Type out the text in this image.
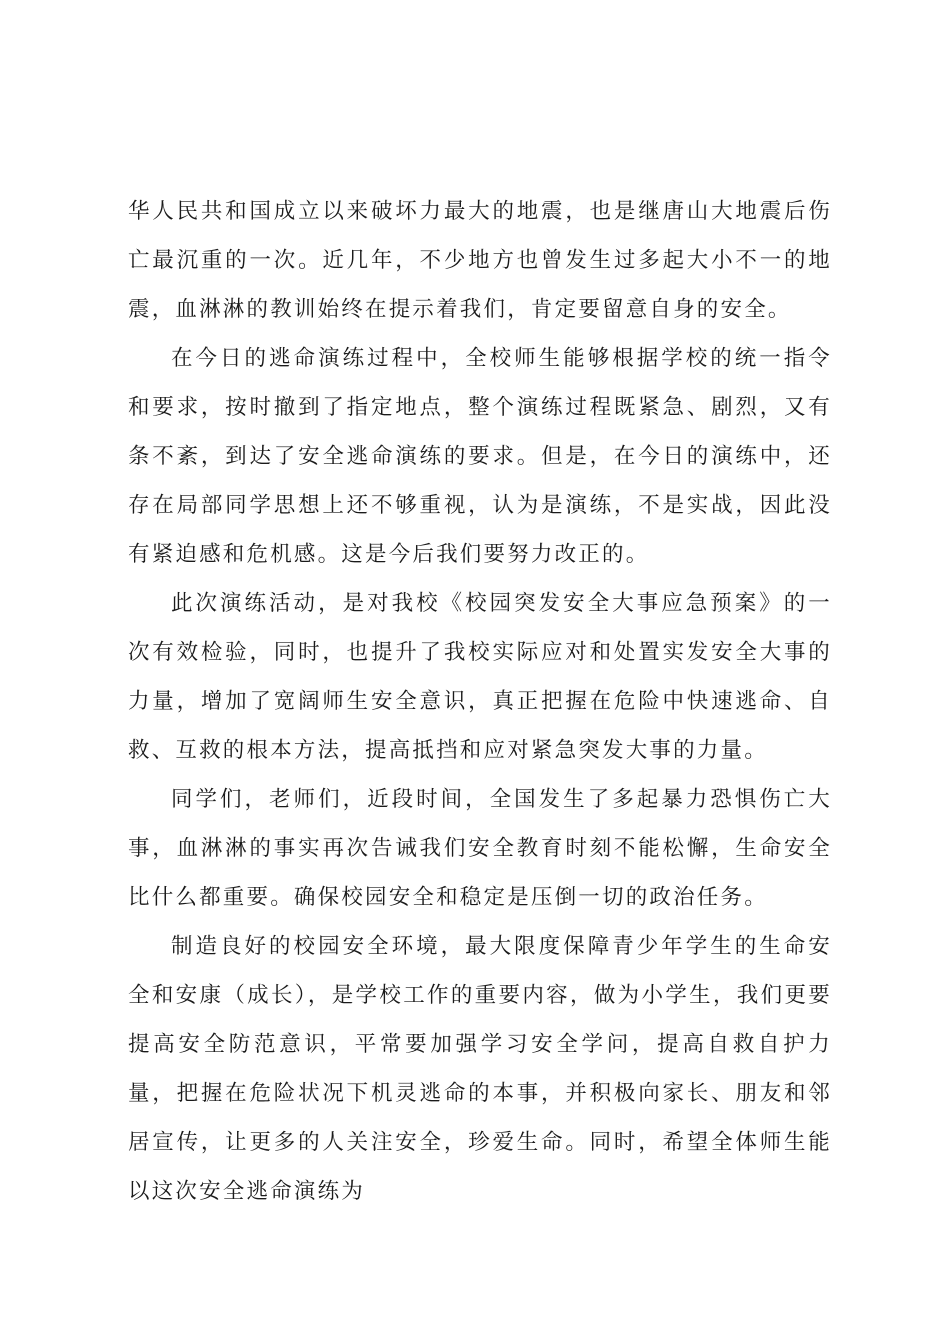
华人民共和国成立以来破坏力最大的地震，也是继唐山大地震后伤亡最沉重的一次。近几年，不少地方也曾发生过多起大小不一的地震，血淋淋的教训始终在提示着我们，肯定要留意自身的安全。

在今日的逃命演练过程中，全校师生能够根据学校的统一指令和要求，按时撤到了指定地点，整个演练过程既紧急、剧烈，又有条不紊，到达了安全逃命演练的要求。但是，在今日的演练中，还存在局部同学思想上还不够重视，认为是演练，不是实战，因此没有紧迫感和危机感。这是今后我们要努力改正的。

此次演练活动，是对我校《校园突发安全大事应急预案》的一次有效检验，同时，也提升了我校实际应对和处置实发安全大事的力量，增加了宽阔师生安全意识，真正把握在危险中快速逃命、自救、互救的根本方法，提高抵挡和应对紧急突发大事的力量。

同学们，老师们，近段时间，全国发生了多起暴力恐惧伤亡大事，血淋淋的事实再次告诫我们安全教育时刻不能松懈，生命安全比什么都重要。确保校园安全和稳定是压倒一切的政治任务。

制造良好的校园安全环境，最大限度保障青少年学生的生命安全和安康（成长），是学校工作的重要内容，做为小学生，我们更要提高安全防范意识，平常要加强学习安全学问，提高自救自护力量，把握在危险状况下机灵逃命的本事，并积极向家长、朋友和邻居宣传，让更多的人关注安全，珍爱生命。同时，希望全体师生能以这次安全逃命演练为
